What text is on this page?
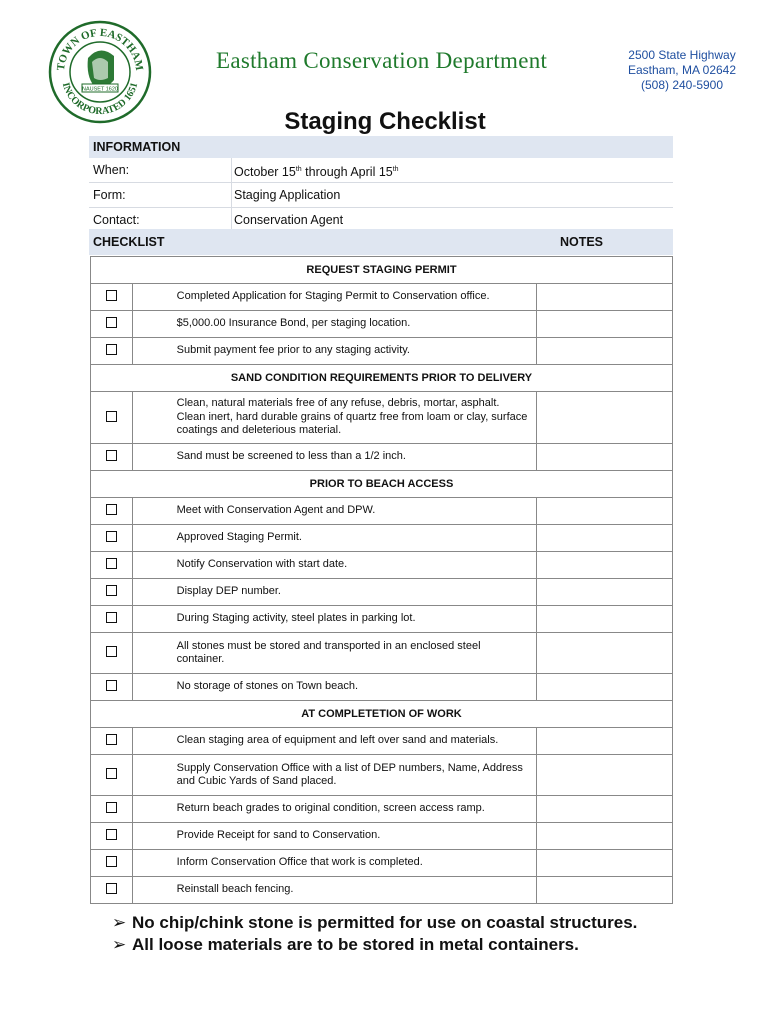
TOWN OF EASTHAM
INCORPORATED 1651
NAUSET 1620
Eastham Conservation Department	2500 State Highway
Eastham, MA 02642
(508) 240-5900
Staging Checklist
INFORMATION
When:	October 15th through April 15th
Form:	Staging Application
Contact:	Conservation Agent
CHECKLIST	NOTES
REQUEST STAGING PERMIT		
	Completed Application for Staging Permit to Conservation office.	
	$5,000.00 Insurance Bond, per staging location.	
	Submit payment fee prior to any staging activity.	
SAND CONDITION REQUIREMENTS PRIOR TO DELIVERY		
	Clean, natural materials free of any refuse, debris, mortar, asphalt. Clean inert, hard durable grains of quartz free from loam or clay, surface coatings and deleterious material.	
	Sand must be screened to less than a 1/2 inch.	
PRIOR TO BEACH ACCESS		
	Meet with Conservation Agent and DPW.	
	Approved Staging Permit.	
	Notify Conservation with start date.	
	Display DEP number.	
	During Staging activity, steel plates in parking lot.	
	All stones must be stored and transported in an enclosed steel container.	
	No storage of stones on Town beach.	
AT COMPLETETION OF WORK		
	Clean staging area of equipment and left over sand and materials.	
	Supply Conservation Office with a list of DEP numbers, Name, Address and Cubic Yards of Sand placed.	
	Return beach grades to original condition, screen access ramp.	
	Provide Receipt for sand to Conservation.	
	Inform Conservation Office that work is completed.	
	Reinstall beach fencing.	
➢ No chip/chink stone is permitted for use on coastal structures.
➢ All loose materials are to be stored in metal containers.
